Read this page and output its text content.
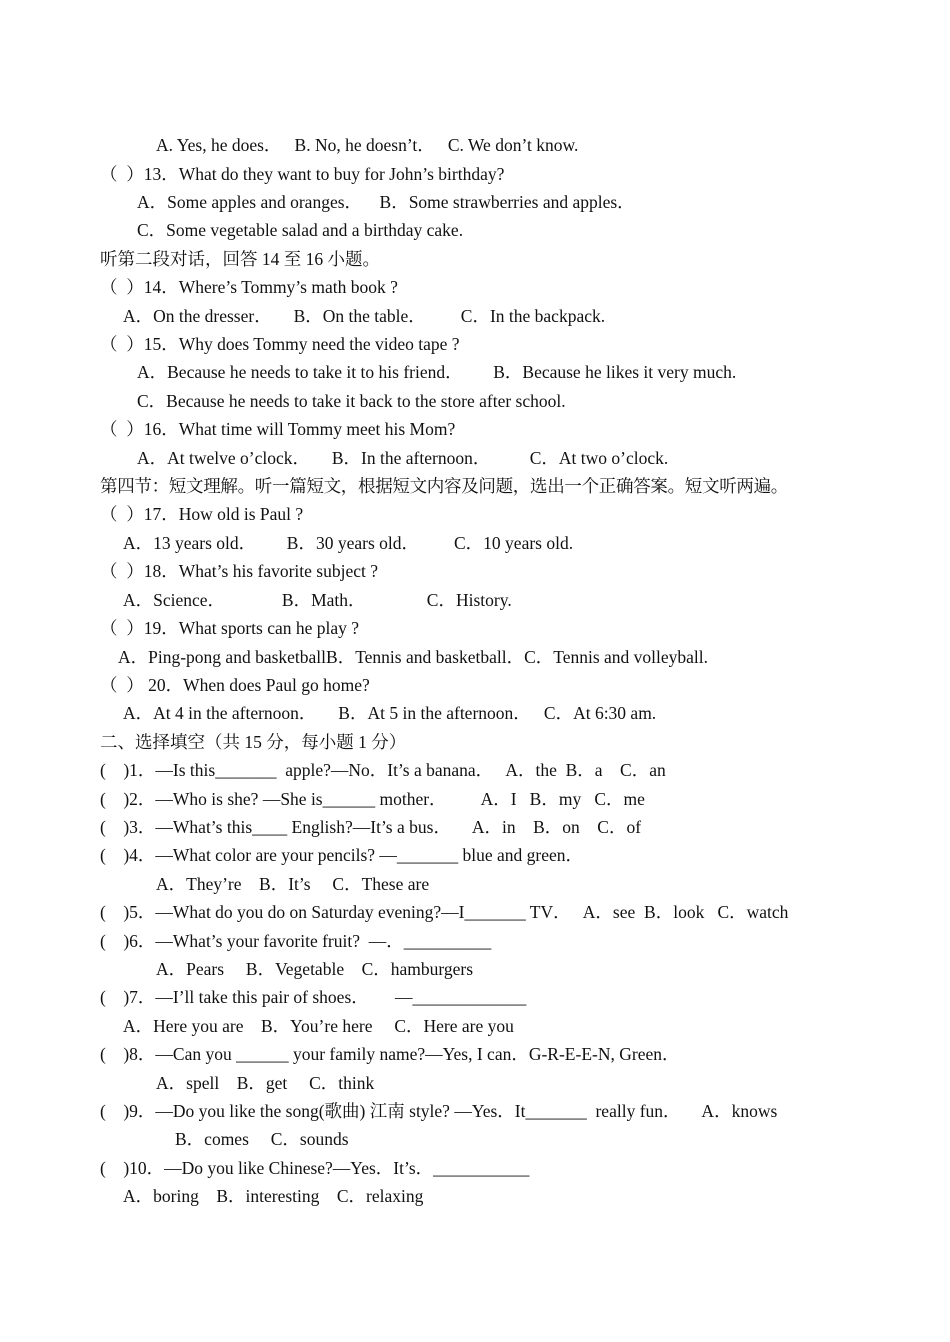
A. Yes, he does．   B. No, he doesn’t．   C. We don’t know.
（  ）13．What do they want to buy for John’s birthday?
A．Some apples and oranges．    B．Some strawberries and apples．
C．Some vegetable salad and a birthday cake.
听第二段对话，回答 14 至 16 小题。
（  ）14．Where’s Tommy’s math book ?
A．On the dresser．     B．On the table．        C．In the backpack.
（  ）15．Why does Tommy need the video tape ?
A．Because he needs to take it to his friend．       B．Because he likes it very much.
C．Because he needs to take it back to the store after school.
（  ）16．What time will Tommy meet his Mom?
A．At twelve o’clock．     B．In the afternoon．         C．At two o’clock.
第四节：短文理解。听一篇短文，根据短文内容及问题，选出一个正确答案。短文听两遍。
（  ）17．How old is Paul ?
A．13 years old．       B．30 years old．        C．10 years old.
（  ）18．What’s his favorite subject ?
A．Science．             B．Math．              C．History.
（  ）19．What sports can he play ?
A．Ping-pong and basketballB．Tennis and basketball．C．Tennis and volleyball.
（  ） 20．When does Paul go home?
A．At 4 in the afternoon．     B．At 5 in the afternoon．   C．At 6:30 am.
二、选择填空（共 15 分，每小题 1 分）
(    )1．—Is this_______  apple?—No．It’s a banana．   A．the  B．a    C．an
(    )2．—Who is she? —She is______ mother．        A．I   B．my   C．me
(    )3．—What’s this____ English?—It’s a bus．     A．in    B．on    C．of
(    )4．—What color are your pencils? —_______ blue and green．
A．They’re    B．It’s     C．These are
(    )5．—What do you do on Saturday evening?—I_______ TV．   A．see  B．look   C．watch
(    )6．—What’s your favorite fruit?  —．__________
A．Pears     B．Vegetable    C．hamburgers
(    )7．—I’ll take this pair of shoes．      —_____________
A．Here you are    B．You’re here     C．Here are you
(    )8．—Can you ______ your family name?—Yes, I can．G-R-E-E-N, Green．
A．spell    B．get     C．think
(    )9．—Do you like the song(歌曲) 江南 style? —Yes．It_______  really fun．     A．knows
B．comes     C．sounds
(    )10．—Do you like Chinese?—Yes．It’s．___________
A．boring    B．interesting    C．relaxing
